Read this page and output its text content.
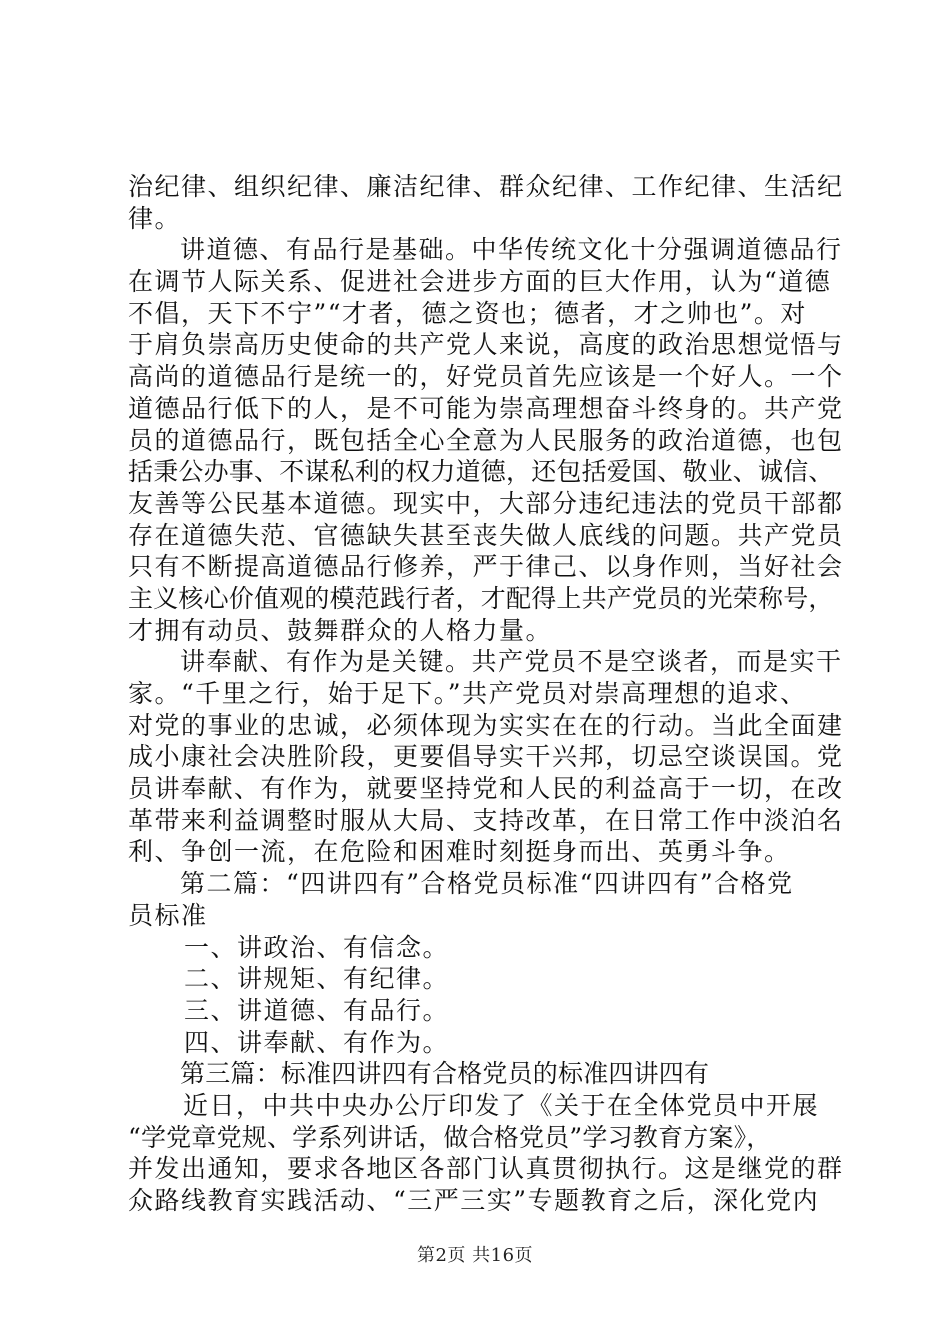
治纪律、组织纪律、廉洁纪律、群众纪律、工作纪律、生活纪
律。
讲道德、有品行是基础。中华传统文化十分强调道德品行
在调节人际关系、促进社会进步方面的巨大作用，认为“道德
不倡，天下不宁”“才者，德之资也；德者，才之帅也”。对
于肩负崇高历史使命的共产党人来说，高度的政治思想觉悟与
高尚的道德品行是统一的，好党员首先应该是一个好人。一个
道德品行低下的人，是不可能为崇高理想奋斗终身的。共产党
员的道德品行，既包括全心全意为人民服务的政治道德，也包
括秉公办事、不谋私利的权力道德，还包括爱国、敬业、诚信、
友善等公民基本道德。现实中，大部分违纪违法的党员干部都
存在道德失范、官德缺失甚至丧失做人底线的问题。共产党员
只有不断提高道德品行修养，严于律己、以身作则，当好社会
主义核心价值观的模范践行者，才配得上共产党员的光荣称号，
才拥有动员、鼓舞群众的人格力量。
讲奉献、有作为是关键。共产党员不是空谈者，而是实干
家。“千里之行，始于足下。”共产党员对崇高理想的追求、
对党的事业的忠诚，必须体现为实实在在的行动。当此全面建
成小康社会决胜阶段，更要倡导实干兴邦，切忌空谈误国。党
员讲奉献、有作为，就要坚持党和人民的利益高于一切，在改
革带来利益调整时服从大局、支持改革，在日常工作中淡泊名
利、争创一流，在危险和困难时刻挺身而出、英勇斗争。
第二篇：“四讲四有”合格党员标准“四讲四有”合格党
员标准
一、讲政治、有信念。
二、讲规矩、有纪律。
三、讲道德、有品行。
四、讲奉献、有作为。
第三篇：标准四讲四有合格党员的标准四讲四有
近日，中共中央办公厅印发了《关于在全体党员中开展
“学党章党规、学系列讲话，做合格党员”学习教育方案》，
并发出通知，要求各地区各部门认真贯彻执行。这是继党的群
众路线教育实践活动、“三严三实”专题教育之后，深化党内
第2页 共16页
